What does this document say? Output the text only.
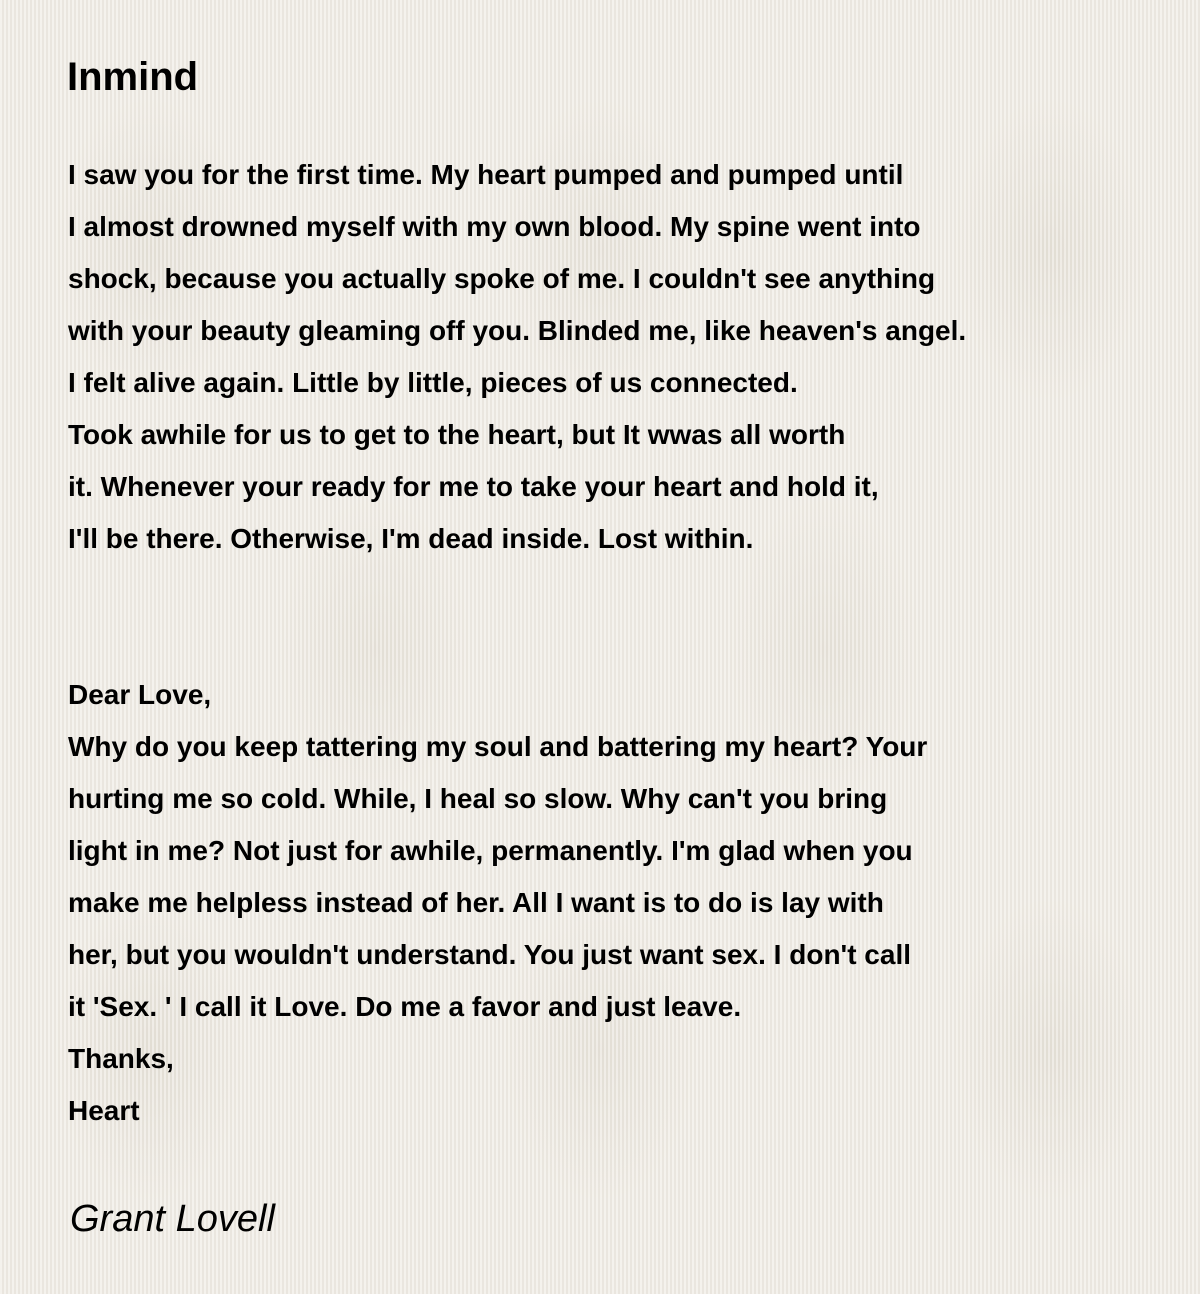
Inmind
I saw you for the first time. My heart pumped and pumped until
I almost drowned myself with my own blood. My spine went into
shock, because you actually spoke of me. I couldn't see anything
with your beauty gleaming off you. Blinded me, like heaven's angel.
I felt alive again. Little by little, pieces of us connected.
Took awhile for us to get to the heart, but It wwas all worth
it. Whenever your ready for me to take your heart and hold it,
I'll be there. Otherwise, I'm dead inside. Lost within.
Dear Love,
Why do you keep tattering my soul and battering my heart? Your
hurting me so cold. While, I heal so slow. Why can't you bring
light in me? Not just for awhile, permanently. I'm glad when you
make me helpless instead of her. All I want is to do is lay with
her, but you wouldn't understand. You just want sex. I don't call
it 'Sex. ' I call it Love. Do me a favor and just leave.
Thanks,
Heart

Grant Lovell
